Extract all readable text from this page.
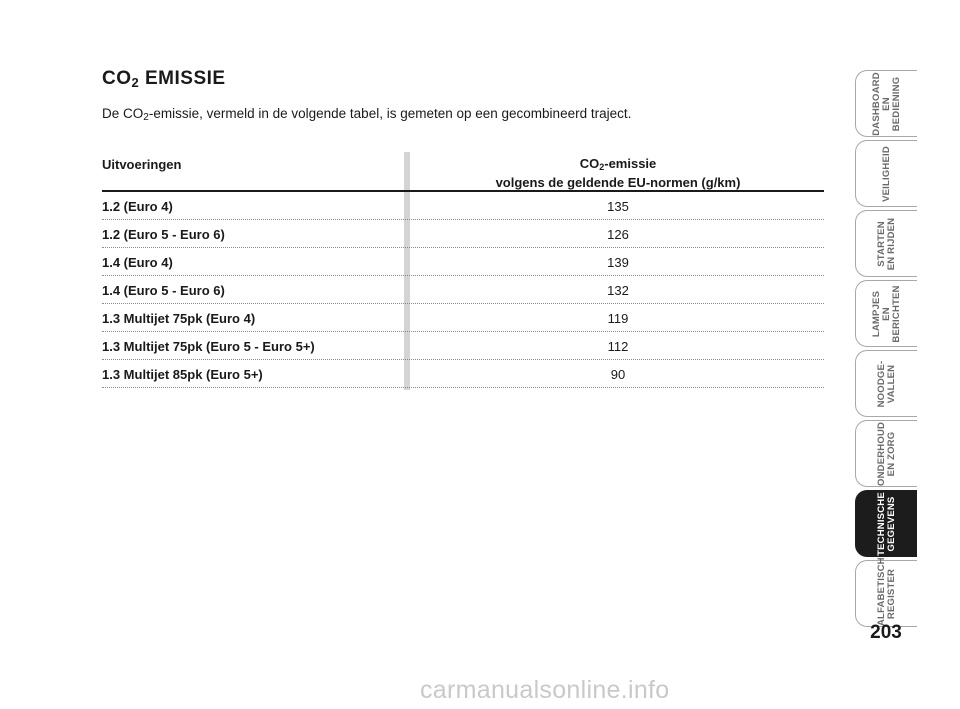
$CO_2$ EMISSIE

De $CO_2$-emissie, vermeld in de volgende tabel, is gemeten op een gecombineerd traject.

Uitvoeringen	$CO_2$-emissie
volgens de geldende EU-normen (g/km)
1.2 (Euro 4)	135
1.2 (Euro 5 - Euro 6)	126
1.4 (Euro 4)	139
1.4 (Euro 5 - Euro 6)	132
1.3 Multijet 75pk (Euro 4)	119
1.3 Multijet 75pk (Euro 5 - Euro 5+)	112
1.3 Multijet 85pk (Euro 5+)	90
DASHBOARD
EN BEDIENING
VEILIGHEID
STARTEN
EN RIJDEN
LAMPJES
EN BERICHTEN
NOODGE-
VALLEN
ONDERHOUD
EN ZORG
TECHNISCHE
GEGEVENS
ALFABETISCH
REGISTER

203

carmanualsonline.info
